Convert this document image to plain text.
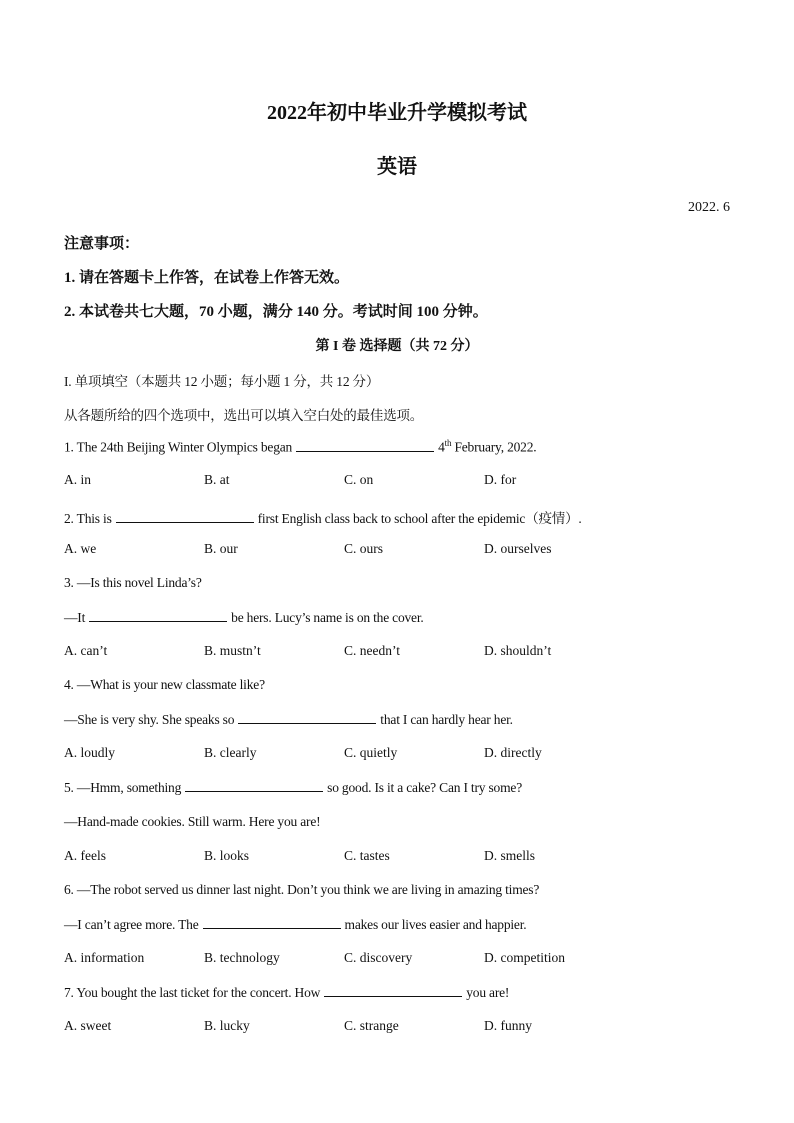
2022年初中毕业升学模拟考试
英语
2022. 6
注意事项：
1. 请在答题卡上作答，在试卷上作答无效。
2. 本试卷共七大题，70 小题，满分 140 分。考试时间 100 分钟。
第 I 卷 选择题（共 72 分）
I. 单项填空（本题共 12 小题；每小题 1 分，共 12 分）
从各题所给的四个选项中，选出可以填入空白处的最佳选项。
1. The 24th Beijing Winter Olympics began	4th February, 2022.
A. in	B. at	C. on	D. for
2. This is	first English class back to school after the epidemic（疫情）.
A. we	B. our	C. ours	D. ourselves
3. —Is this novel Linda’s?
—It	be hers. Lucy’s name is on the cover.
A. can’t	B. mustn’t	C. needn’t	D. shouldn’t
4. —What is your new classmate like?
—She is very shy. She speaks so	that I can hardly hear her.
A. loudly	B. clearly	C. quietly	D. directly
5. —Hmm, something	so good. Is it a cake? Can I try some?
—Hand-made cookies. Still warm. Here you are!
A. feels	B. looks	C. tastes	D. smells
6. —The robot served us dinner last night. Don’t you think we are living in amazing times?
—I can’t agree more. The	makes our lives easier and happier.
A. information	B. technology	C. discovery	D. competition
7. You bought the last ticket for the concert. How	you are!
A. sweet	B. lucky	C. strange	D. funny
